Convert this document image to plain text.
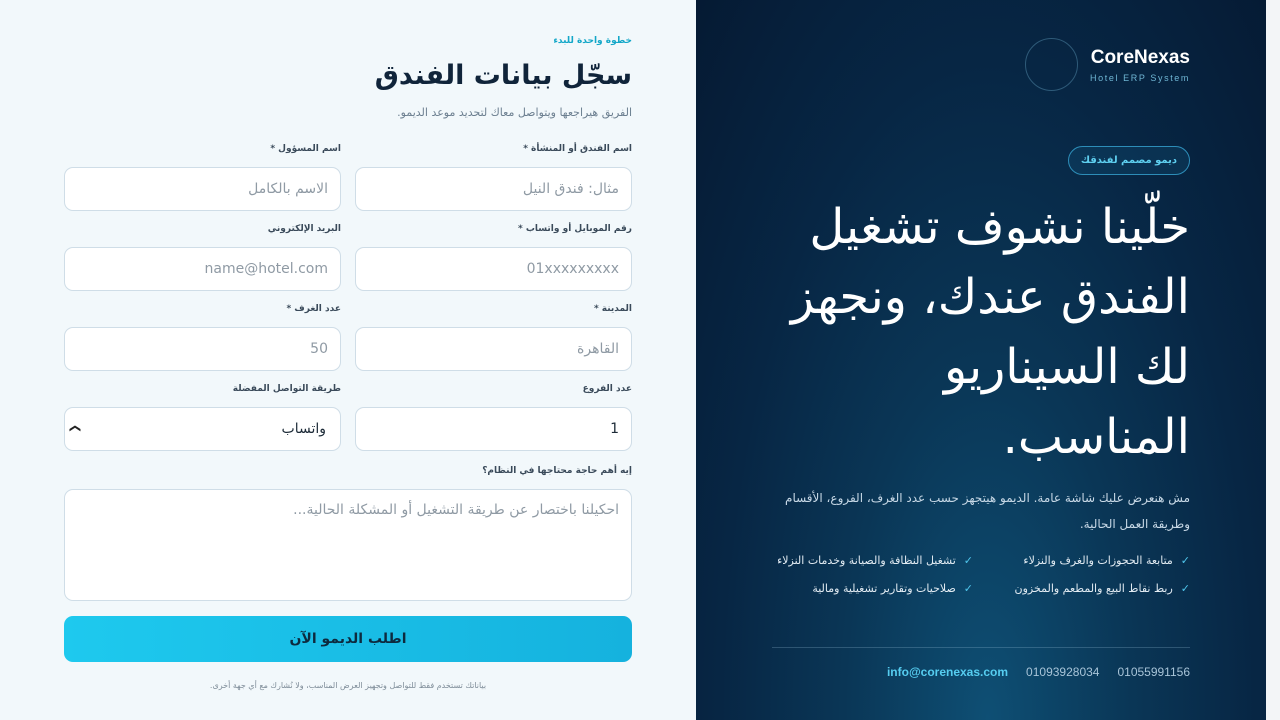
CoreNexas
Hotel ERP System
ديمو مصمم لفندقك
خلّينا نشوف تشغيل الفندق عندك، ونجهز لك السيناريو المناسب.

مش هنعرض عليك شاشة عامة. الديمو هيتجهز حسب عدد الغرف، الفروع، الأقسام وطريقة العمل الحالية.

✓
متابعة الحجوزات والغرف والنزلاء
✓
تشغيل النظافة والصيانة وخدمات النزلاء
✓
ربط نقاط البيع والمطعم والمخزون
✓
صلاحيات وتقارير تشغيلية ومالية
01055991156
01093928034
info@corenexas.com
خطوة واحدة للبدء
سجّل بيانات الفندق

الفريق هيراجعها ويتواصل معاك لتحديد موعد الديمو.

اسم الفندق أو المنشأة *
مثال: فندق النيل
اسم المسؤول *
الاسم بالكامل
رقم الموبايل أو واتساب *
01xxxxxxxxx
البريد الإلكتروني
name@hotel.com
المدينة *
القاهرة
عدد الغرف *
50
عدد الفروع
1
طريقة التواصل المفضلة
واتساب
❯
إيه أهم حاجة محتاجها في النظام؟
احكيلنا باختصار عن طريقة التشغيل أو المشكلة الحالية...
اطلب الديمو الآن

بياناتك تستخدم فقط للتواصل وتجهيز العرض المناسب، ولا نُشارك مع أي جهة أخرى.
